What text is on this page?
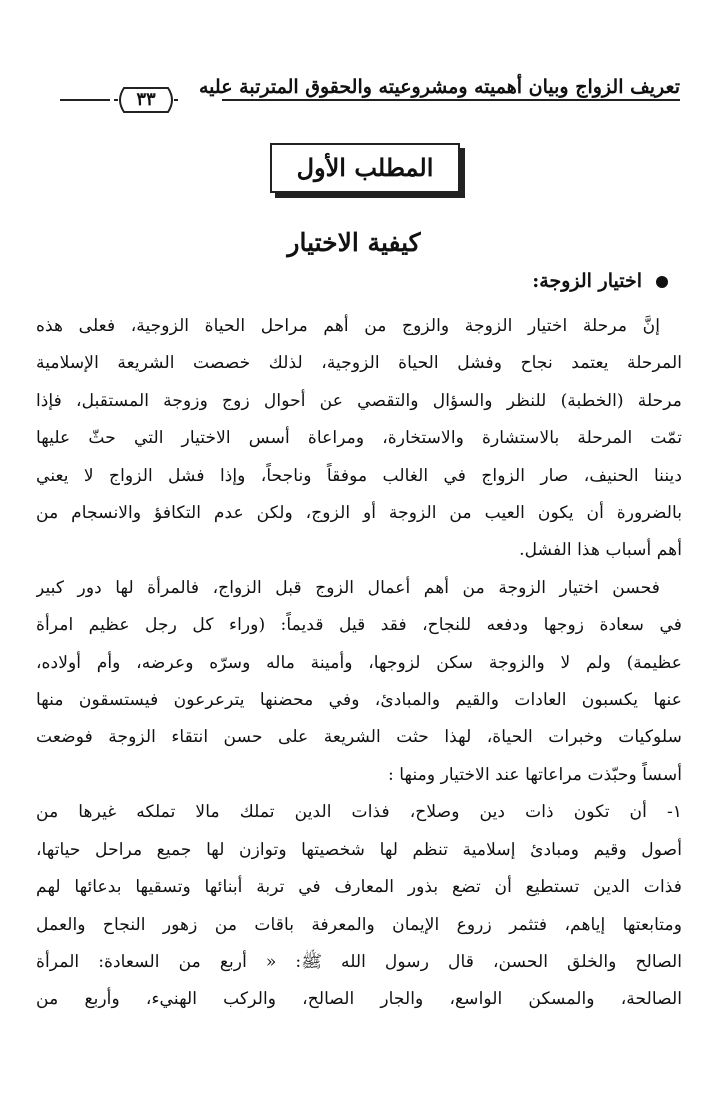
تعريف الزواج وبيان أهميته ومشروعيته والحقوق المترتبة عليه
٣٣
المطلب الأول
كيفية الاختيار
اختيار الزوجة:
إنَّ مرحلة اختيار الزوجة والزوج من أهم مراحل الحياة الزوجية، فعلى هذه
المرحلة يعتمد نجاح وفشل الحياة الزوجية، لذلك خصصت الشريعة الإسلامية
مرحلة (الخطبة) للنظر والسؤال والتقصي عن أحوال زوج وزوجة المستقبل، فإذا
تمّت المرحلة بالاستشارة والاستخارة، ومراعاة أسس الاختيار التي حثّ عليها
ديننا الحنيف، صار الزواج في الغالب موفقاً وناجحاً، وإذا فشل الزواج لا يعني
بالضرورة أن يكون العيب من الزوجة أو الزوج، ولكن عدم التكافؤ والانسجام من
أهم أسباب هذا الفشل.
فحسن اختيار الزوجة من أهم أعمال الزوج قبل الزواج، فالمرأة لها دور كبير
في سعادة زوجها ودفعه للنجاح، فقد قيل قديماً: (وراء كل رجل عظيم امرأة
عظيمة) ولم لا والزوجة سكن لزوجها، وأمينة ماله وسرّه وعرضه، وأم أولاده،
عنها يكسبون العادات والقيم والمبادئ، وفي محضنها يترعرعون فيستسقون منها
سلوكيات وخبرات الحياة، لهذا حثت الشريعة على حسن انتقاء الزوجة فوضعت
أسساً وحبّذت مراعاتها عند الاختيار ومنها :
١- أن تكون ذات دين وصلاح، فذات الدين تملك مالا تملكه غيرها من
أصول وقيم ومبادئ إسلامية تنظم لها شخصيتها وتوازن لها جميع مراحل حياتها،
فذات الدين تستطيع أن تضع بذور المعارف في تربة أبنائها وتسقيها بدعائها لهم
ومتابعتها إياهم، فتثمر زروع الإيمان والمعرفة باقات من زهور النجاح والعمل
الصالح والخلق الحسن، قال رسول الله ﷺ: « أربع من السعادة: المرأة
الصالحة، والمسكن الواسع، والجار الصالح، والركب الهنيء، وأربع من
